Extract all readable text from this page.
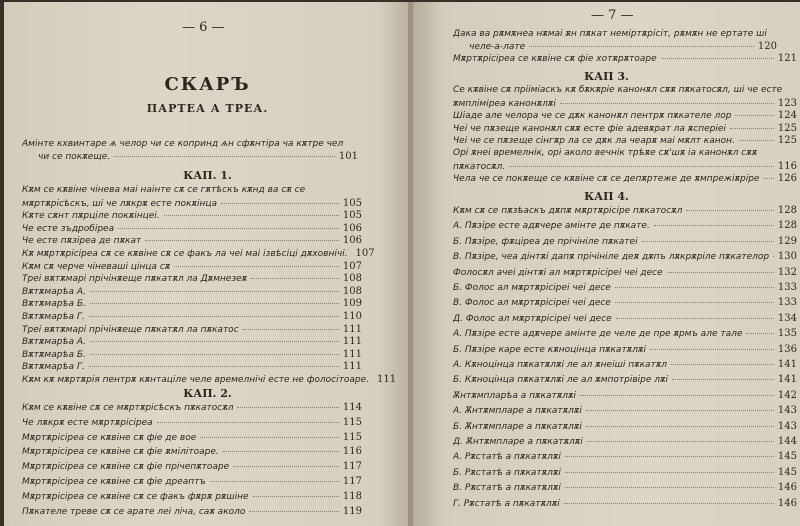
— 6 —
СКАРЪ
ПАРТЕА А ТРЕА.
Амінте кхвинтаре ѧ челор чи се копринд ѧн сфѫнтіра ча кѫтре чел
чи се покѫеще.	101
КАП. 1.
Кѫм се кѫвіне чінева маі наінте сѫ се гѫтѣскъ кѫнд ва сѫ се
мѫртѫрісѣскъ, ші че лѫкрѫ есте покѫінца	105
Кѫте сѫнт пѫрціле покѫінцеі.	105
Че есте зъдробіреа	106
Че есте пѫзіреа де пѫкат	106
Кѫ мѫртѫрісіреа сѫ се кѫвіне сѫ се факъ ла чеі маі ізвѣсіці дѫховнічі. 107
Кѫм сѫ черче чіневаші цінца сѫ	107
Треі вѫтѫмарі прічінѫеще пѫкатѫл ла Дѫмнезеѫ	108
Вѫтѫмарѣа А.	108
Вѫтѫмарѣа Б.	109
Вѫтѫмарѣа Г.	110
Треі вѫтѫмарі прічінѫеще пѫкатѫл ла пѫкатос	111
Вѫтѫмарѣа А.	111
Вѫтѫмарѣа Б.	111
Вѫтѫмарѣа Г.	111
Кѫм кѫ мѫртѫрія пентрѫ кѫнтаціле челе времелнічі есте не фолосітоаре. 111
КАП. 2.
Кѫм се кѫвіне сѫ се мѫртѫрісѣскъ пѫкатосѫл	114
Че лѫкрѫ есте мѫртѫрісіреа	115
Мѫртѫрісіреа се кѫвіне сѫ фіе де вое	115
Мѫртѫрісіреа се кѫвіне сѫ фіе ѫмілітоаре.	116
Мѫртѫрісіреа се кѫвіне сѫ фіе прічепѫтоаре	117
Мѫртѫрісіреа се кѫвіне сѫ фіе дреаптъ	117
Мѫртѫрісіреа се кѫвіне сѫ се факъ фѫрѫ рѫшіне	118
Пѫкателе треве сѫ се арате леі ліча, саѫ аколо	119
— 7 —
Дака ва рѫмѫнеа нѫмаі ѫн пѫкат неміртѫрісіт, рѫмѫн не ертате ші
челе-а-латe	120
Мѫртѫрісіреа се кѫвіне сѫ фіе хотѫрѫтоаре	121
КАП 3.
Се кѫвіне сѫ прііміаскъ кѫ бѫкѫріе канонѫл сѫѫ пѫкатосѫл, ші че есте
ѫмпліміреа канонѫлѫі	123
Шіаде але челора че се дѫк канонѫл пентрѫ пѫкателе лор	124
Чеі че пѫзеще канонѫл сѫѫ есте фіе адевѫрат ла ѫсперіеі	125
Чеі че се пѫзеще сінгѫр ла се дѫк ла чеарѫ маі мѫлт канон.	125
Орі ѫнеі времелнік, орі аколо вечнік трѣѫе сѫ'шѫ іа канонѫл сѫѫ
пѫкатосѫл.	116
Чела че се покѫеще се кѫвіне сѫ се депѫртеже де ѫмпрежіѫріре 126
КАП 4.
Кѫм сѫ се пѫзѣаскъ дѫпѫ мѫртѫрісіре пѫкатосѫл	128
А. Пѫзіре есте адѫчере амінте де пѫкате.	128
Б. Пѫзіре, фѫціреа де прічініле пѫкатеі	129
В. Пѫзіре, чеа дінтѫі дапѫ прічініле деѫ дѫпъ лѫкрѫріле пѫкателор 130
Фолосѫл ачеі дінтѫі ал мѫртѫрісіреі чеі десе	132
Б. Фолос ал мѫртѫрісіреі чеі десе	133
В. Фолос ал мѫртѫрісіреі чеі десе	133
Д. Фолос ал мѫртѫрісіреі чеі десе	134
А. Пѫзіре есте адѫчере амінте де челе де пре ѫрмъ але тале	135
Б. Пѫзіре каре есте кѫноцінца пѫкатѫлѫі	136
А. Кѫноцінца пѫкатѫлѫі ле ал ѫнеіші пѫкатѫл	141
Б. Кѫноцінца пѫкатѫлѫі ле ал ѫмпотрівіре лѫі	141
Ѫнтѫмпларѣа а пѫкатѫлѫі	142
А. Ѫнтѫмпларе а пѫкатѫлѫі	143
Б. Ѫнтѫмпларе а пѫкатѫлѫі	143
Д. Ѫнтѫмпларе а пѫкатѫлѫі	144
А. Рѫстатѣ а пѫкатѫлѫі	145
Б. Рѫстатѣ а пѫкатѫлѫі	145
В. Рѫстатѣ а пѫкатѫлѫі	146
Г. Рѫстатѣ а пѫкатѫлѫі	146
